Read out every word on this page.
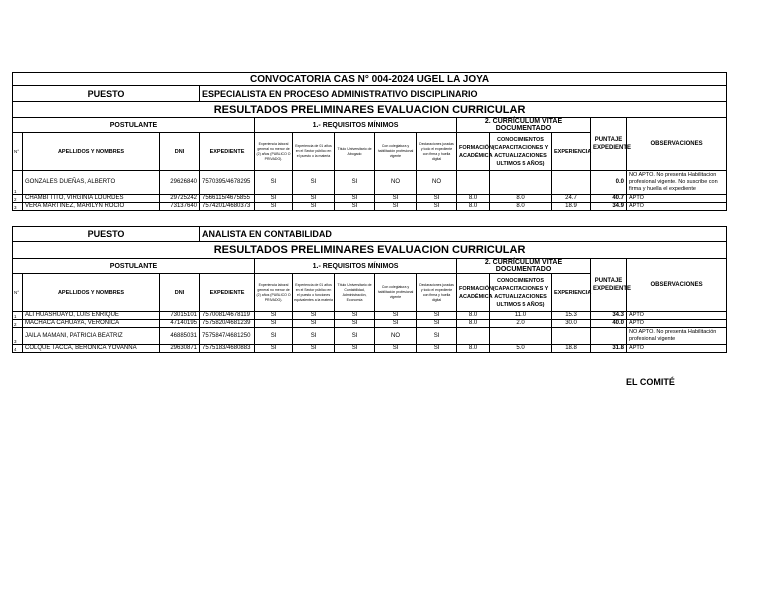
CONVOCATORIA CAS N° 004-2024 UGEL LA JOYA													
PUESTO			ESPECIALISTA EN PROCESO ADMINISTRATIVO DISCIPLINARIO										
RESULTADOS PRELIMINARES EVALUACION CURRICULAR													
POSTULANTE				1.- REQUISITOS MÍNIMOS					2. CURRÍCULUM VITAE DOCUMENTADO			PUNTAJE EXPEDIENTE	OBSERVACIONES
N°	APELLIDOS Y NOMBRES	DNI	EXPEDIENTE	Experiencia laboral general no menor de (2) años (PUBLICO O PRIVADO).	Experiencia de 01 años en el Sector público en el puesto o la materia	Título Universitario de Abogado	Con colegiatura y habilitación profesional vigente	Declaraciones juradas y todo el expediente con firma y huella digital	FORMACIÓN ACADÉMICA	CONOCIMIENTOS (CAPACITACIONES Y ACTUALIZACIONES ULTIMOS 5 AÑOS)	EXPERIENCIA		
1	GONZALES DUEÑAS, ALBERTO	29626840	7570395/4678295	SI	SI	SI	NO	NO				0.0	NO APTO. No presenta Habilitacion profesional vigente. No suscribe con firma y huella el expediente
2	CHAMBI TITO, VIRGINIA LOURDES	29725242	7566115/4675855	SI	SI	SI	SI	SI	8.0	8.0	24.7	40.7	APTO
3	VERA MARTINEZ, MARILYN ROCIO	73137640	7574201/4680373	SI	SI	SI	SI	SI	8.0	8.0	18.9	34.9	APTO
PUESTO			ANALISTA EN CONTABILIDAD										
RESULTADOS PRELIMINARES EVALUACION CURRICULAR													
POSTULANTE				1.- REQUISITOS MÍNIMOS					2. CURRÍCULUM VITAE DOCUMENTADO			PUNTAJE EXPEDIENTE	OBSERVACIONES
N°	APELLIDOS Y NOMBRES	DNI	EXPEDIENTE	Experiencia laboral general no menor de (2) años (PUBLICO O PRIVADO).	Experiencia de 01 años en el Sector público en el puesto o funciones equivalentes a la materia	Título Universitario de Contabilidad, Administración, Economía	Con colegiatura y habilitación profesional vigente	Declaraciones juradas y todo el expediente con firma y huella digital	FORMACIÓN ACADÉMICA	CONOCIMIENTOS (CAPACITACIONES Y ACTUALIZACIONES ULTIMOS 5 AÑOS)	EXPERIENCIA		
1	ALI HUASHUAYO, LUIS ENRIQUE	73015101	7570081/4678119	SI	SI	SI	SI	SI	8.0	11.0	15.3	34.3	APTO
2	MACHACA CAHUAYA, VERONICA	47140195	7575820/4681239	SI	SI	SI	SI	SI	8.0	2.0	30.0	40.0	APTO
3	JAILA MAMANI, PATRICIA BEATRIZ	46885031	7575847/4681250	SI	SI	SI	NO	SI					NO APTO. No presenta Habilitación profesional vigente
4	COLQUE TACCA, BERONICA YOVANNA	29630871	7575183/4680883	SI	SI	SI	SI	SI	8.0	5.0	18.8	31.8	APTO
EL COMITÉ
